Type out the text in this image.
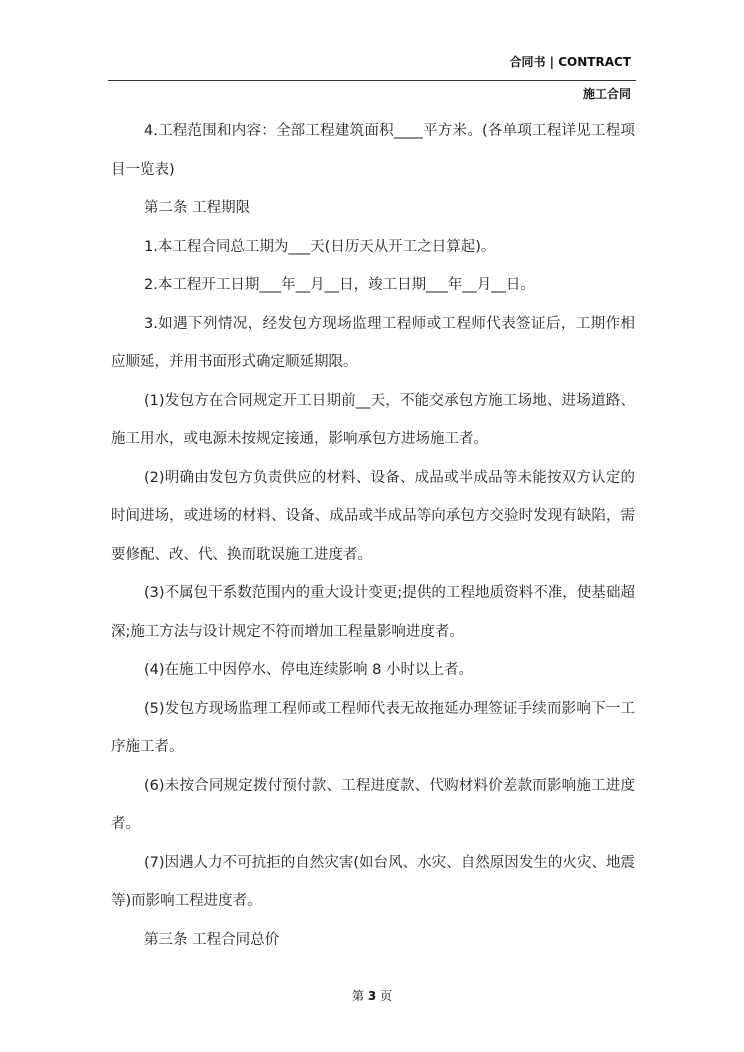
合同书 | CONTRACT
施工合同

4.工程范围和内容：全部工程建筑面积____平方米。(各单项工程详见工程项目一览表)

第二条 工程期限

1.本工程合同总工期为___天(日历天从开工之日算起)。

2.本工程开工日期___年__月__日，竣工日期___年__月__日。

3.如遇下列情况，经发包方现场监理工程师或工程师代表签证后，工期作相应顺延，并用书面形式确定顺延期限。

(1)发包方在合同规定开工日期前__天，不能交承包方施工场地、进场道路、施工用水，或电源未按规定接通，影响承包方进场施工者。

(2)明确由发包方负责供应的材料、设备、成品或半成品等未能按双方认定的时间进场，或进场的材料、设备、成品或半成品等向承包方交验时发现有缺陷，需要修配、改、代、换而耽误施工进度者。

(3)不属包干系数范围内的重大设计变更;提供的工程地质资料不准，使基础超深;施工方法与设计规定不符而增加工程量影响进度者。

(4)在施工中因停水、停电连续影响 8 小时以上者。

(5)发包方现场监理工程师或工程师代表无故拖延办理签证手续而影响下一工序施工者。

(6)未按合同规定拨付预付款、工程进度款、代购材料价差款而影响施工进度者。

(7)因遇人力不可抗拒的自然灾害(如台风、水灾、自然原因发生的火灾、地震等)而影响工程进度者。

第三条 工程合同总价

第 3 页
